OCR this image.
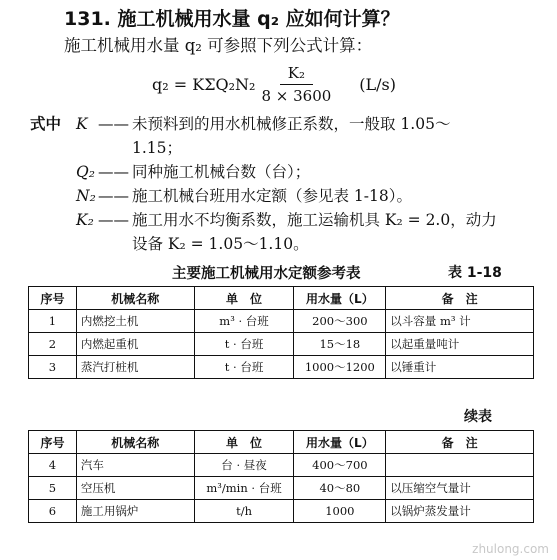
131. 施工机械用水量 q₂ 应如何计算？
施工机械用水量 q₂ 可参照下列公式计算：
$q_2 = K\Sigma Q_2N_2 \frac{\text{K₂}}{8 \times 3600} (L/s)$
式中 K —— 未预料到的用水机械修正系数，一般取 1.05～
1.15；
Q₂ —— 同种施工机械台数（台）；
N₂ —— 施工机械台班用水定额（参见表 1-18）。
K₂ —— 施工用水不均衡系数，施工运输机具 K₂ = 2.0，动力
设备 K₂ = 1.05～1.10。
主要施工机械用水定额参考表	表 1-18
序号	机械名称	单　位	用水量（L）	备　注
1	内燃挖土机	m³ · 台班	200～300	以斗容量 m³ 计
2	内燃起重机	t · 台班	15～18	以起重量吨计
3	蒸汽打桩机	t · 台班	1000～1200	以锤重计
续表
序号	机械名称	单　位	用水量（L）	备　注
4	汽车	台 · 昼夜	400～700	
5	空压机	m³/min · 台班	40～80	以压缩空气量计
6	施工用锅炉	t/h	1000	以锅炉蒸发量计
zhulong.com
